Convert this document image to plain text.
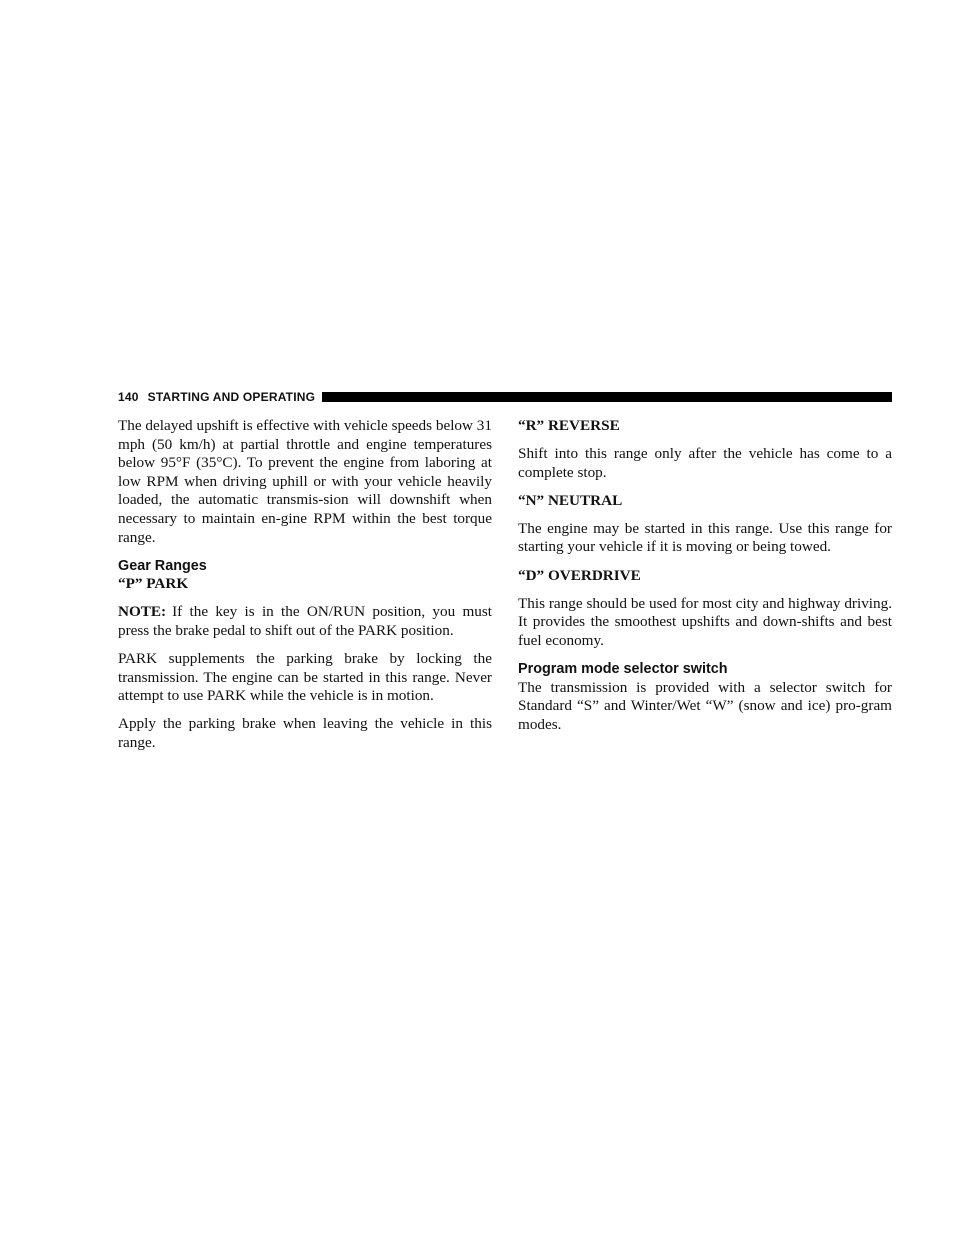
140 STARTING AND OPERATING

The delayed upshift is effective with vehicle speeds below 31 mph (50 km/h) at partial throttle and engine temperatures below 95°F (35°C). To prevent the engine from laboring at low RPM when driving uphill or with your vehicle heavily loaded, the automatic transmis-sion will downshift when necessary to maintain en-gine RPM within the best torque range.

Gear Ranges
“P” PARK

NOTE: If the key is in the ON/RUN position, you must press the brake pedal to shift out of the PARK position.

PARK supplements the parking brake by locking the transmission. The engine can be started in this range. Never attempt to use PARK while the vehicle is in motion.

Apply the parking brake when leaving the vehicle in this range.

“R” REVERSE

Shift into this range only after the vehicle has come to a complete stop.

“N” NEUTRAL

The engine may be started in this range. Use this range for starting your vehicle if it is moving or being towed.

“D” OVERDRIVE

This range should be used for most city and highway driving. It provides the smoothest upshifts and down-shifts and best fuel economy.

Program mode selector switch

The transmission is provided with a selector switch for Standard “S” and Winter/Wet “W” (snow and ice) pro-gram modes.
